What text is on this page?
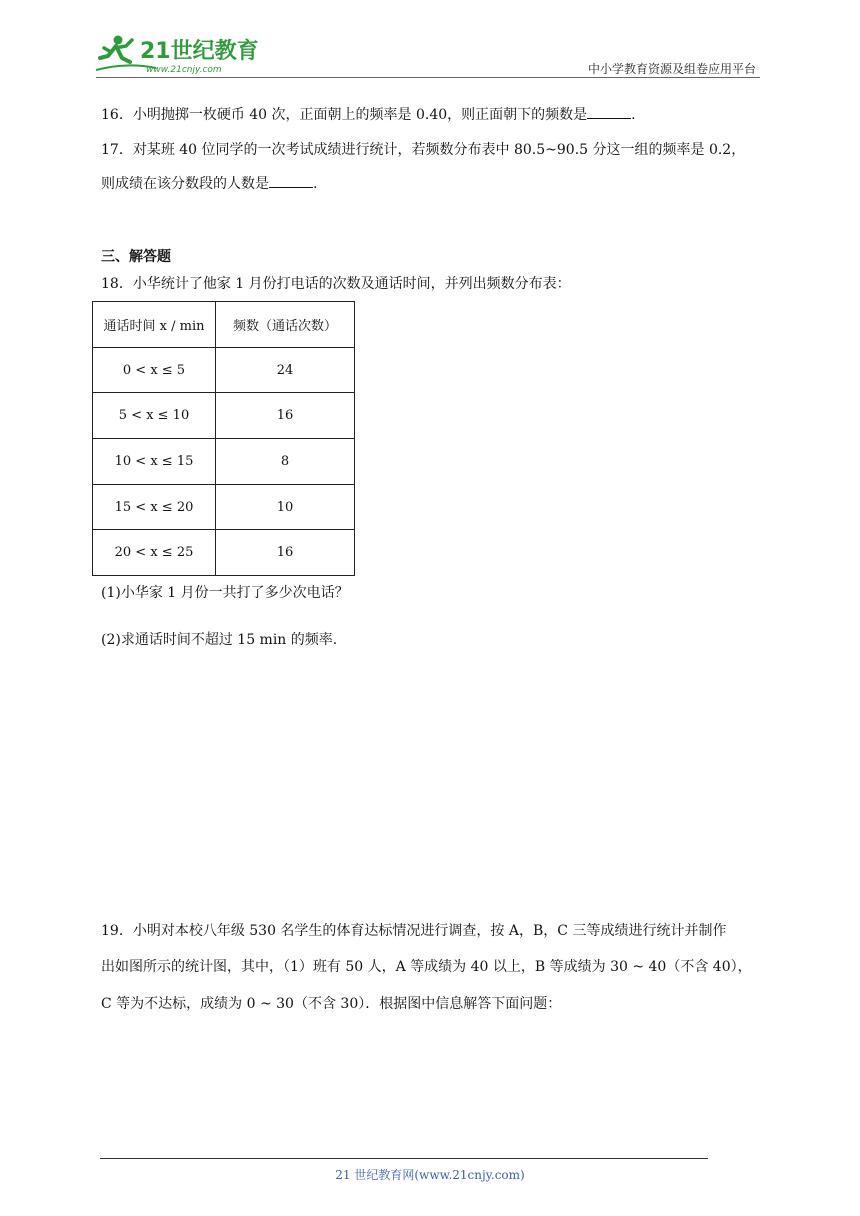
21世纪教育
www.21cnjy.com	中小学教育资源及组卷应用平台
16．小明抛掷一枚硬币 40 次，正面朝上的频率是 0.40，则正面朝下的频数是	.
17．对某班 40 位同学的一次考试成绩进行统计，若频数分布表中 80.5~90.5 分这一组的频率是 0.2，
则成绩在该分数段的人数是	.
三、解答题
18．小华统计了他家 1 月份打电话的次数及通话时间，并列出频数分布表：
通话时间 x / min	频数（通话次数）
0 < x ≤ 5	24
5 < x ≤ 10	16
10 < x ≤ 15	8
15 < x ≤ 20	10
20 < x ≤ 25	16
(1)小华家 1 月份一共打了多少次电话？
(2)求通话时间不超过 15 min 的频率.
19．小明对本校八年级 530 名学生的体育达标情况进行调查，按 A，B，C 三等成绩进行统计并制作
出如图所示的统计图，其中，（1）班有 50 人，A 等成绩为 40 以上，B 等成绩为 30 ~ 40（不含 40），
C 等为不达标，成绩为 0 ~ 30（不含 30）．根据图中信息解答下面问题：
21 世纪教育网(www.21cnjy.com)
